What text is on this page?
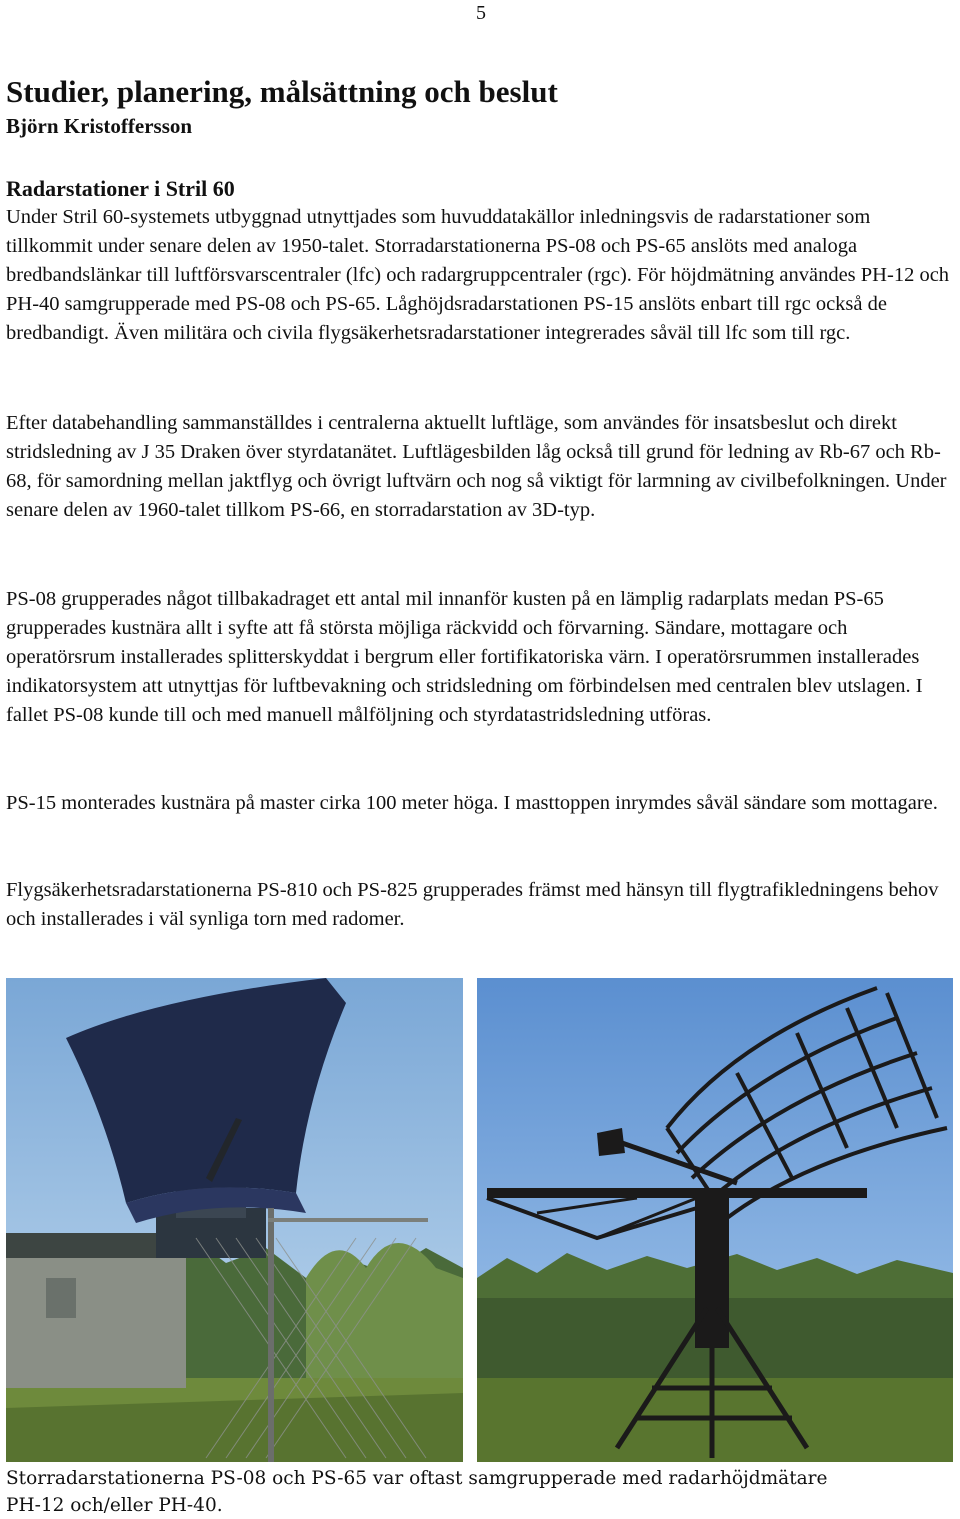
5
Studier, planering, målsättning och beslut
Björn Kristoffersson
Radarstationer i Stril 60

Under Stril 60-systemets utbyggnad utnyttjades som huvuddatakällor inledningsvis de radarstationer som tillkommit under senare delen av 1950-talet. Storradarstationerna PS-08 och PS-65 anslöts med analoga bredbandslänkar till luftförsvarscentraler (lfc) och radargruppcentraler (rgc). För höjdmätning användes PH-12 och PH-40 samgrupperade med PS-08 och PS-65. Låghöjdsradarstationen PS-15 anslöts enbart till rgc också de bredbandigt. Även militära och civila flygsäkerhetsradarstationer integrerades såväl till lfc som till rgc.

Efter databehandling sammanställdes i centralerna aktuellt luftläge, som användes för insatsbeslut och direkt stridsledning av J 35 Draken över styrdatanätet. Luftlägesbilden låg också till grund för ledning av Rb-67 och Rb-68, för samordning mellan jaktflyg och övrigt luftvärn och nog så viktigt för larmning av civilbefolkningen. Under senare delen av 1960-talet tillkom PS-66, en storradarstation av 3D-typ.

PS-08 grupperades något tillbakadraget ett antal mil innanför kusten på en lämplig radarplats medan PS-65 grupperades kustnära allt i syfte att få största möjliga räckvidd och förvarning. Sändare, mottagare och operatörsrum installerades splitterskyddat i bergrum eller fortifikatoriska värn. I operatörsrummen installerades indikatorsystem att utnyttjas för luftbevakning och stridsledning om förbindelsen med centralen blev utslagen. I fallet PS-08 kunde till och med manuell målföljning och styrdatastridsledning utföras.

PS-15 monterades kustnära på master cirka 100 meter höga. I masttoppen inrymdes såväl sändare som mottagare.

Flygsäkerhetsradarstationerna PS-810 och PS-825 grupperades främst med hänsyn till flygtrafikledningens behov och installerades i väl synliga torn med radomer.

Storradarstationerna PS-08 och PS-65 var oftast samgrupperade med radarhöjdmätare
PH-12 och/eller PH-40.
